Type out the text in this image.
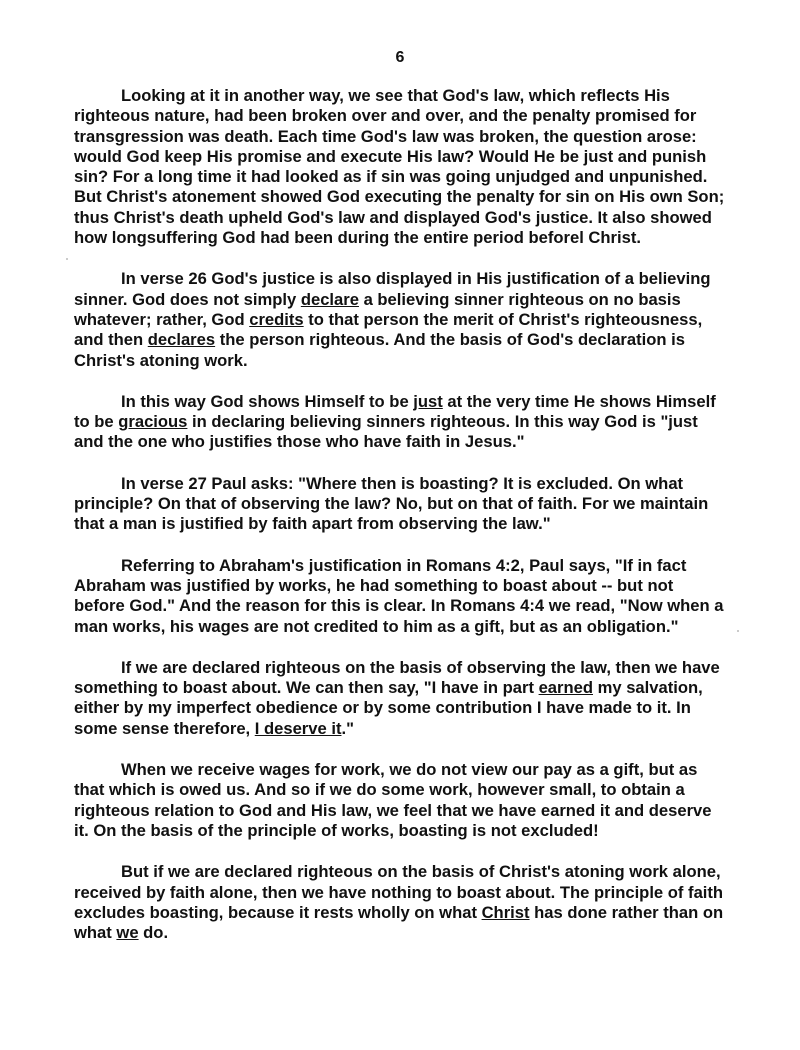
6

Looking at it in another way, we see that God's law, which reflects His righteous nature, had been broken over and over, and the penalty promised for transgression was death. Each time God's law was broken, the question arose: would God keep His promise and execute His law? Would He be just and punish sin? For a long time it had looked as if sin was going unjudged and unpunished. But Christ's atonement showed God executing the penalty for sin on His own Son; thus Christ's death upheld God's law and displayed God's justice. It also showed how longsuffering God had been during the entire period beforel Christ.

In verse 26 God's justice is also displayed in His justification of a believing sinner. God does not simply declare a believing sinner righteous on no basis whatever; rather, God credits to that person the merit of Christ's righteousness, and then declares the person righteous. And the basis of God's declaration is Christ's atoning work.

In this way God shows Himself to be just at the very time He shows Himself to be gracious in declaring believing sinners righteous. In this way God is "just and the one who justifies those who have faith in Jesus."

In verse 27 Paul asks: "Where then is boasting? It is excluded. On what principle? On that of observing the law? No, but on that of faith. For we maintain that a man is justified by faith apart from observing the law."

Referring to Abraham's justification in Romans 4:2, Paul says, "If in fact Abraham was justified by works, he had something to boast about -- but not before God." And the reason for this is clear. In Romans 4:4 we read, "Now when a man works, his wages are not credited to him as a gift, but as an obligation."

If we are declared righteous on the basis of observing the law, then we have something to boast about. We can then say, "I have in part earned my salvation, either by my imperfect obedience or by some contribution I have made to it. In some sense therefore, I deserve it."

When we receive wages for work, we do not view our pay as a gift, but as that which is owed us. And so if we do some work, however small, to obtain a righteous relation to God and His law, we feel that we have earned it and deserve it. On the basis of the principle of works, boasting is not excluded!

But if we are declared righteous on the basis of Christ's atoning work alone, received by faith alone, then we have nothing to boast about. The principle of faith excludes boasting, because it rests wholly on what Christ has done rather than on what we do.
